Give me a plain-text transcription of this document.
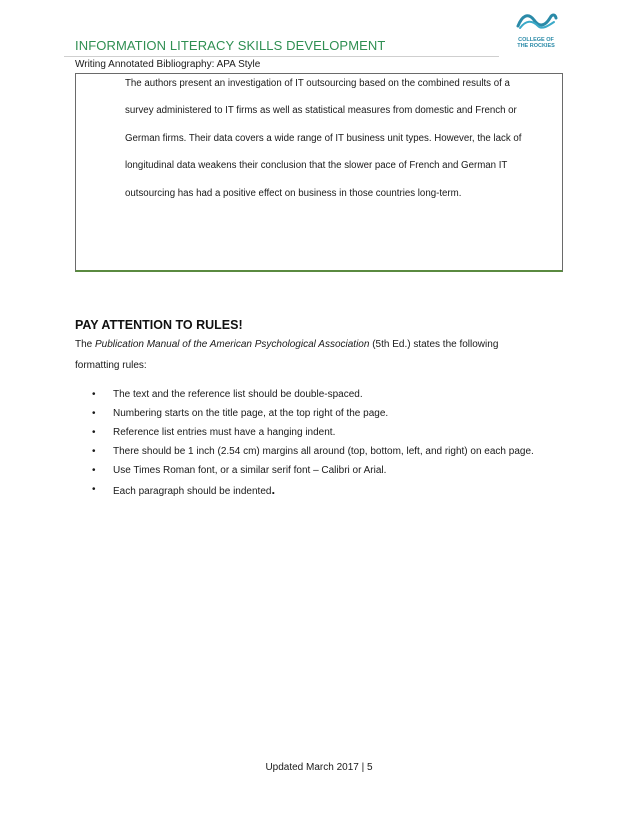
INFORMATION LITERACY SKILLS DEVELOPMENT	COLLEGE OF
THE ROCKIES
Writing Annotated Bibliography: APA Style
The authors present an investigation of IT outsourcing based on the combined results of a
survey administered to IT firms as well as statistical measures from domestic and French or
German firms. Their data covers a wide range of IT business unit types. However, the lack of
longitudinal data weakens their conclusion that the slower pace of French and German IT
outsourcing has had a positive effect on business in those countries long-term.
PAY ATTENTION TO RULES!
The Publication Manual of the American Psychological Association (5th Ed.) states the following
formatting rules:
• The text and the reference list should be double-spaced.
• Numbering starts on the title page, at the top right of the page.
• Reference list entries must have a hanging indent.
• There should be 1 inch (2.54 cm) margins all around (top, bottom, left, and right) on each page.
• Use Times Roman font, or a similar serif font – Calibri or Arial.
• Each paragraph should be indented.
Updated March 2017 | 5
